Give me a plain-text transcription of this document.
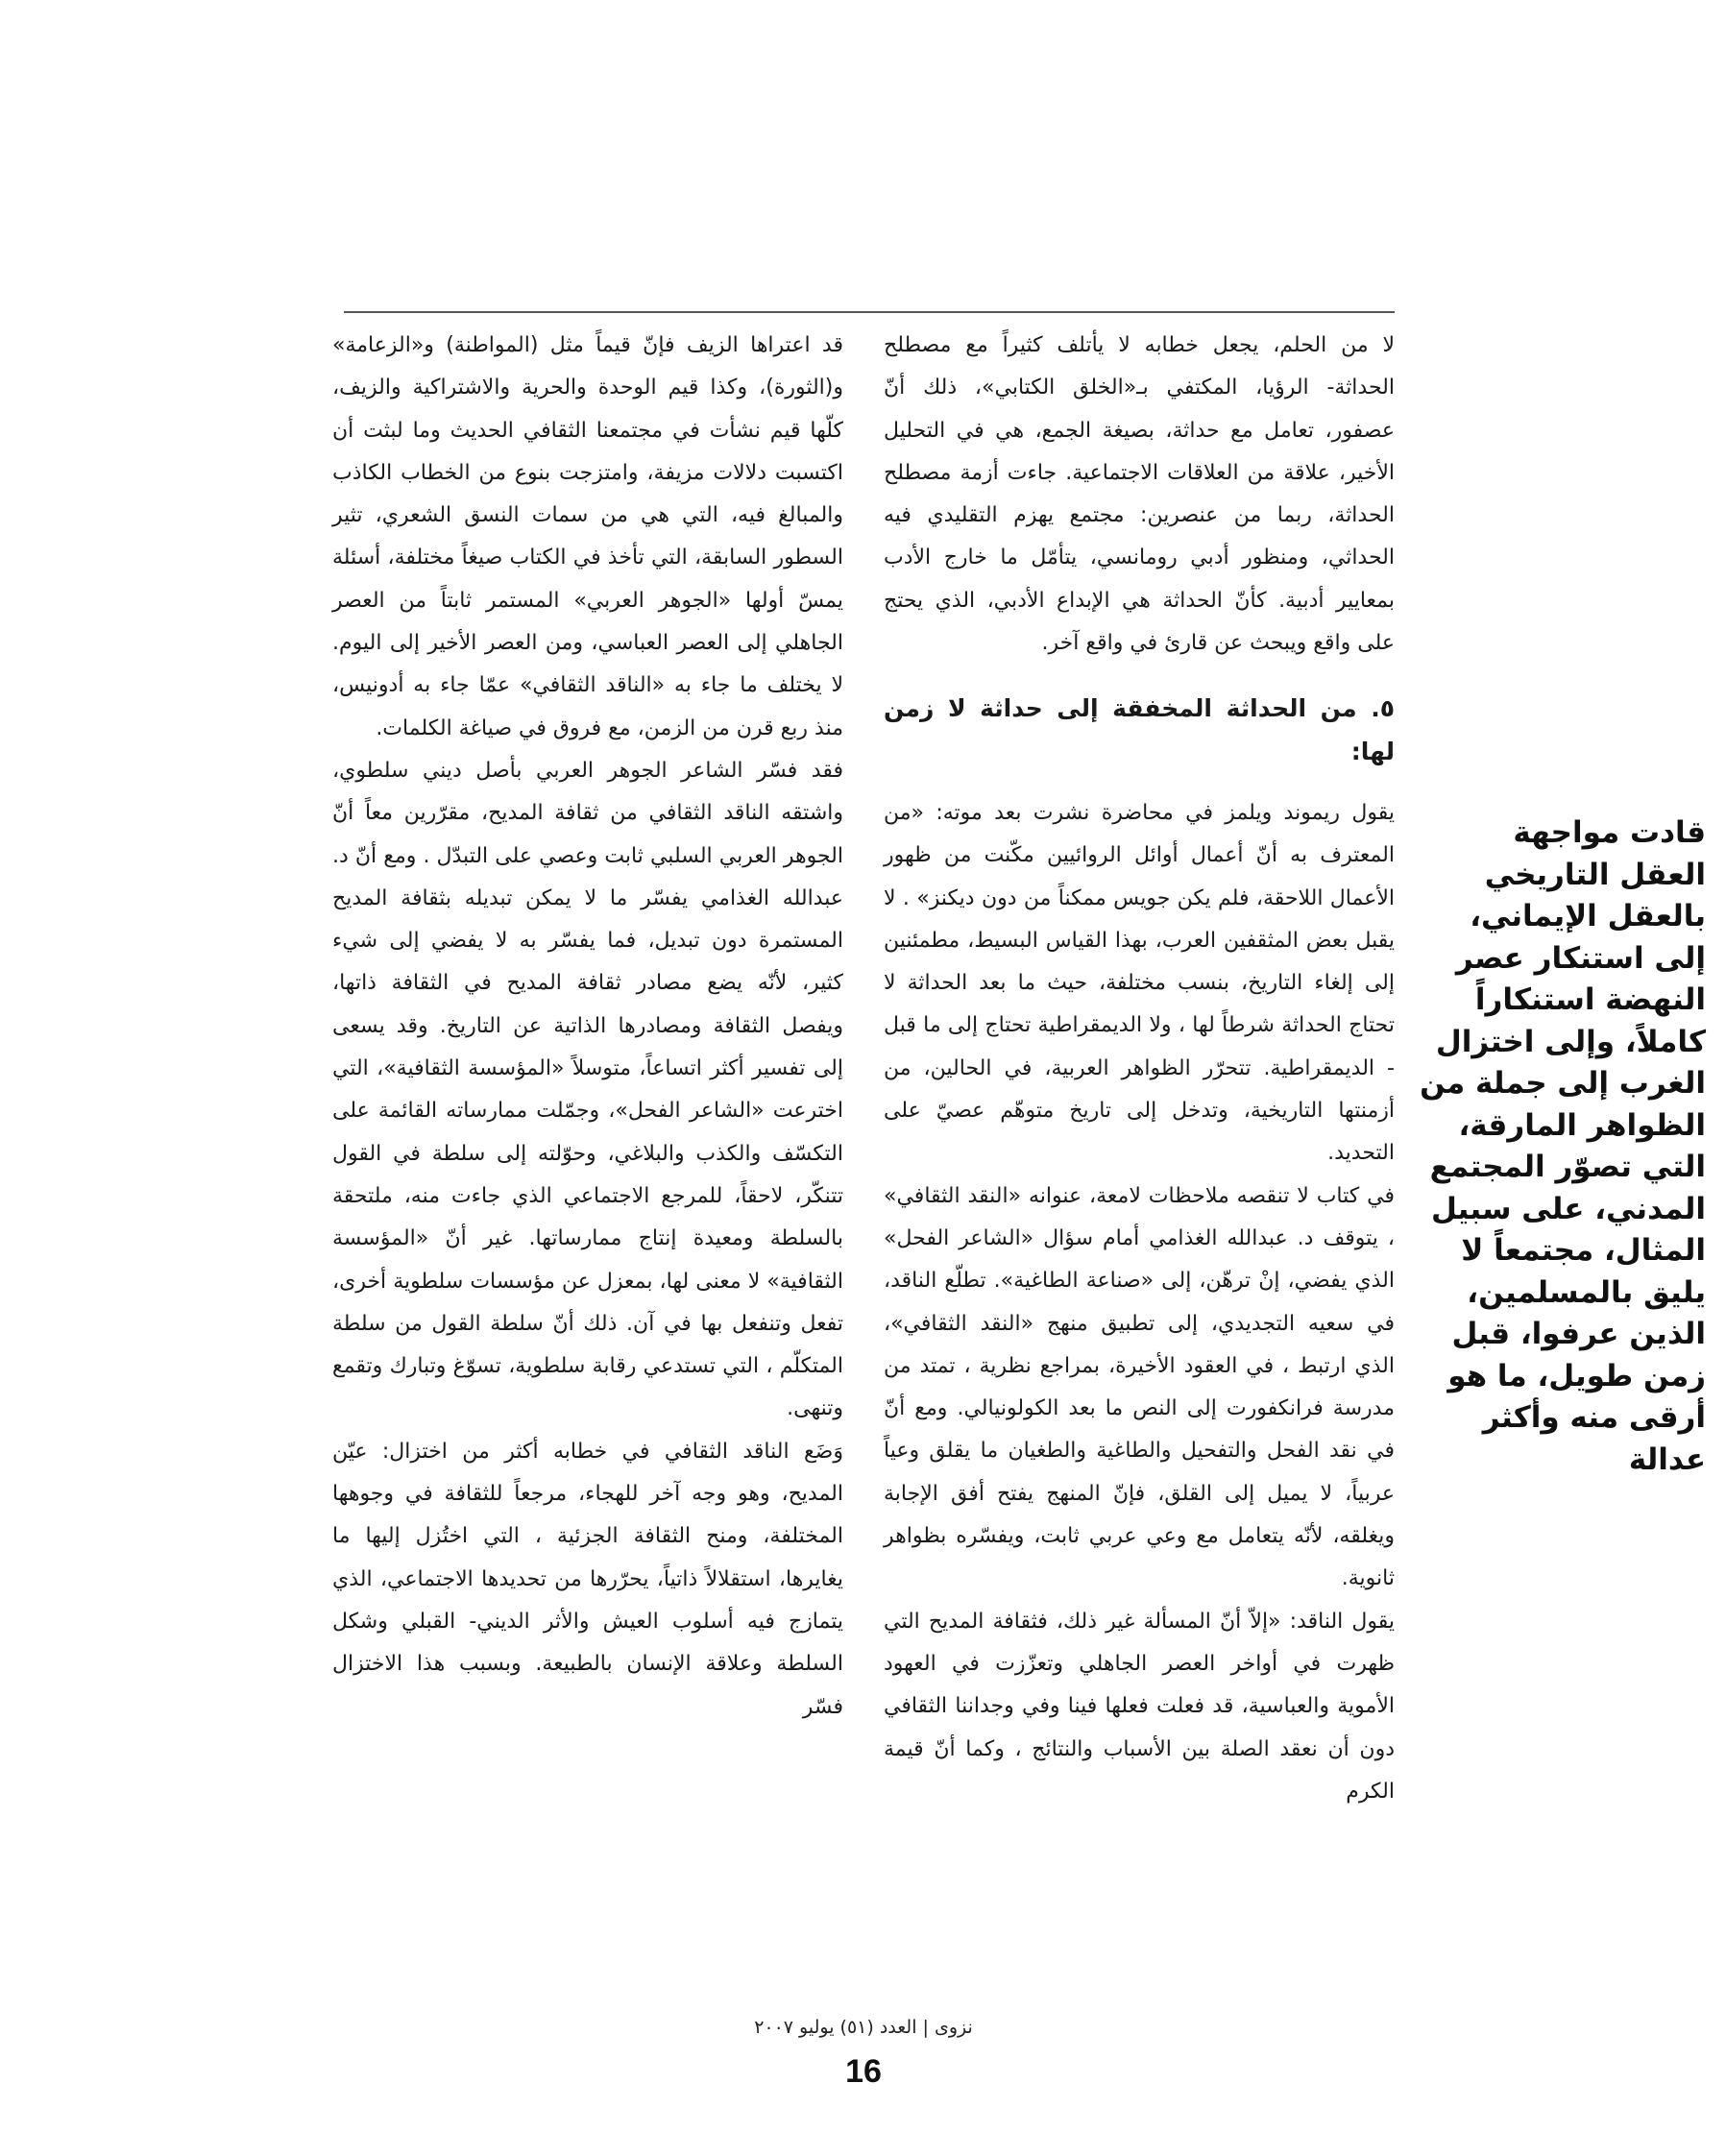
لا من الحلم، يجعل خطابه لا يأتلف كثيراً مع مصطلح الحداثة- الرؤيا، المكتفي بـ«الخلق الكتابي»، ذلك أنّ عصفور، تعامل مع حداثة، بصيغة الجمع، هي في التحليل الأخير، علاقة من العلاقات الاجتماعية. جاءت أزمة مصطلح الحداثة، ربما من عنصرين: مجتمع يهزم التقليدي فيه الحداثي، ومنظور أدبي رومانسي، يتأمّل ما خارج الأدب بمعايير أدبية. كأنّ الحداثة هي الإبداع الأدبي، الذي يحتج على واقع ويبحث عن قارئ في واقع آخر.

٥. من الحداثة المخفقة إلى حداثة لا زمن لها:

يقول ريموند ويلمز في محاضرة نشرت بعد موته: «من المعترف به أنّ أعمال أوائل الروائيين مكّنت من ظهور الأعمال اللاحقة، فلم يكن جويس ممكناً من دون ديكنز» . لا يقبل بعض المثقفين العرب، بهذا القياس البسيط، مطمئنين إلى إلغاء التاريخ، بنسب مختلفة، حيث ما بعد الحداثة لا تحتاج الحداثة شرطاً لها ، ولا الديمقراطية تحتاج إلى ما قبل - الديمقراطية. تتحرّر الظواهر العربية، في الحالين، من أزمنتها التاريخية، وتدخل إلى تاريخ متوهّم عصيّ على التحديد.

في كتاب لا تنقصه ملاحظات لامعة، عنوانه «النقد الثقافي» ، يتوقف د. عبدالله الغذامي أمام سؤال «الشاعر الفحل» الذي يفضي، إنْ ترهّن، إلى «صناعة الطاغية». تطلّع الناقد، في سعيه التجديدي، إلى تطبيق منهج «النقد الثقافي»، الذي ارتبط ، في العقود الأخيرة، بمراجع نظرية ، تمتد من مدرسة فرانكفورت إلى النص ما بعد الكولونيالي. ومع أنّ في نقد الفحل والتفحيل والطاغية والطغيان ما يقلق وعياً عربياً، لا يميل إلى القلق، فإنّ المنهج يفتح أفق الإجابة ويغلقه، لأنّه يتعامل مع وعي عربي ثابت، ويفسّره بظواهر ثانوية.

يقول الناقد: «إلاّ أنّ المسألة غير ذلك، فثقافة المديح التي ظهرت في أواخر العصر الجاهلي وتعزّزت في العهود الأموية والعباسية، قد فعلت فعلها فينا وفي وجداننا الثقافي دون أن نعقد الصلة بين الأسباب والنتائج ، وكما أنّ قيمة الكرم

قد اعتراها الزيف فإنّ قيماً مثل (المواطنة) و«الزعامة» و(الثورة)، وكذا قيم الوحدة والحرية والاشتراكية والزيف، كلّها قيم نشأت في مجتمعنا الثقافي الحديث وما لبثت أن اكتسبت دلالات مزيفة، وامتزجت بنوع من الخطاب الكاذب والمبالغ فيه، التي هي من سمات النسق الشعري، تثير السطور السابقة، التي تأخذ في الكتاب صيغاً مختلفة، أسئلة يمسّ أولها «الجوهر العربي» المستمر ثابتاً من العصر الجاهلي إلى العصر العباسي، ومن العصر الأخير إلى اليوم. لا يختلف ما جاء به «الناقد الثقافي» عمّا جاء به أدونيس، منذ ربع قرن من الزمن، مع فروق في صياغة الكلمات.

فقد فسّر الشاعر الجوهر العربي بأصل ديني سلطوي، واشتقه الناقد الثقافي من ثقافة المديح، مقرّرين معاً أنّ الجوهر العربي السلبي ثابت وعصي على التبدّل . ومع أنّ د. عبدالله الغذامي يفسّر ما لا يمكن تبديله بثقافة المديح المستمرة دون تبديل، فما يفسّر به لا يفضي إلى شيء كثير، لأنّه يضع مصادر ثقافة المديح في الثقافة ذاتها، ويفصل الثقافة ومصادرها الذاتية عن التاريخ. وقد يسعى إلى تفسير أكثر اتساعاً، متوسلاً «المؤسسة الثقافية»، التي اخترعت «الشاعر الفحل»، وجمّلت ممارساته القائمة على التكسّف والكذب والبلاغي، وحوّلته إلى سلطة في القول تتنكّر، لاحقاً، للمرجع الاجتماعي الذي جاءت منه، ملتحقة بالسلطة ومعيدة إنتاج ممارساتها. غير أنّ «المؤسسة الثقافية» لا معنى لها، بمعزل عن مؤسسات سلطوية أخرى، تفعل وتنفعل بها في آن. ذلك أنّ سلطة القول من سلطة المتكلّم ، التي تستدعي رقابة سلطوية، تسوّغ وتبارك وتقمع وتنهى.

وَضَع الناقد الثقافي في خطابه أكثر من اختزال: عيّن المديح، وهو وجه آخر للهجاء، مرجعاً للثقافة في وجوهها المختلفة، ومنح الثقافة الجزئية ، التي اختُزل إليها ما يغايرها، استقلالاً ذاتياً، يحرّرها من تحديدها الاجتماعي، الذي يتمازج فيه أسلوب العيش والأثر الديني- القبلي وشكل السلطة وعلاقة الإنسان بالطبيعة. وبسبب هذا الاختزال فسّر

قادت مواجهة العقل التاريخي بالعقل الإيماني، إلى استنكار عصر النهضة استنكاراً كاملاً، وإلى اختزال الغرب إلى جملة من الظواهر المارقة، التي تصوّر المجتمع المدني، على سبيل المثال، مجتمعاً لا يليق بالمسلمين، الذين عرفوا، قبل زمن طويل، ما هو أرقى منه وأكثر عدالة
نزوى | العدد (٥١) يوليو ٢٠٠٧
16
